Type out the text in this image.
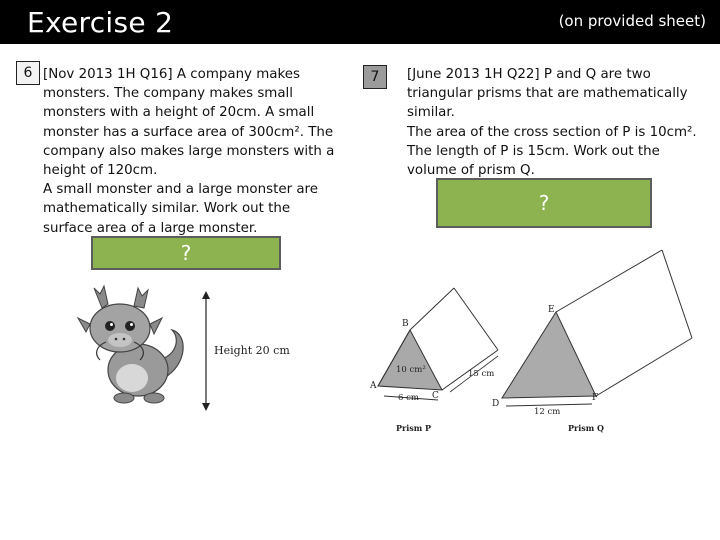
Exercise 2	(on provided sheet)
6 [Nov 2013 1H Q16] A company makes

monsters. The company makes small

monsters with a height of 20cm. A small

monster has a surface area of 300cm². The

company also makes large monsters with a

height of 120cm.

A small monster and a large monster are

mathematically similar. Work out the

surface area of a large monster.

?
Height 20 cm
7	[June 2013 1H Q22] P and Q are two

triangular prisms that are mathematically

similar.

The area of the cross section of P is 10cm².

The length of P is 15cm. Work out the

volume of prism Q.

?
B
A
C
10 cm²	15 cm
6 cm
Prism P
E
D
F
12 cm
Prism Q
